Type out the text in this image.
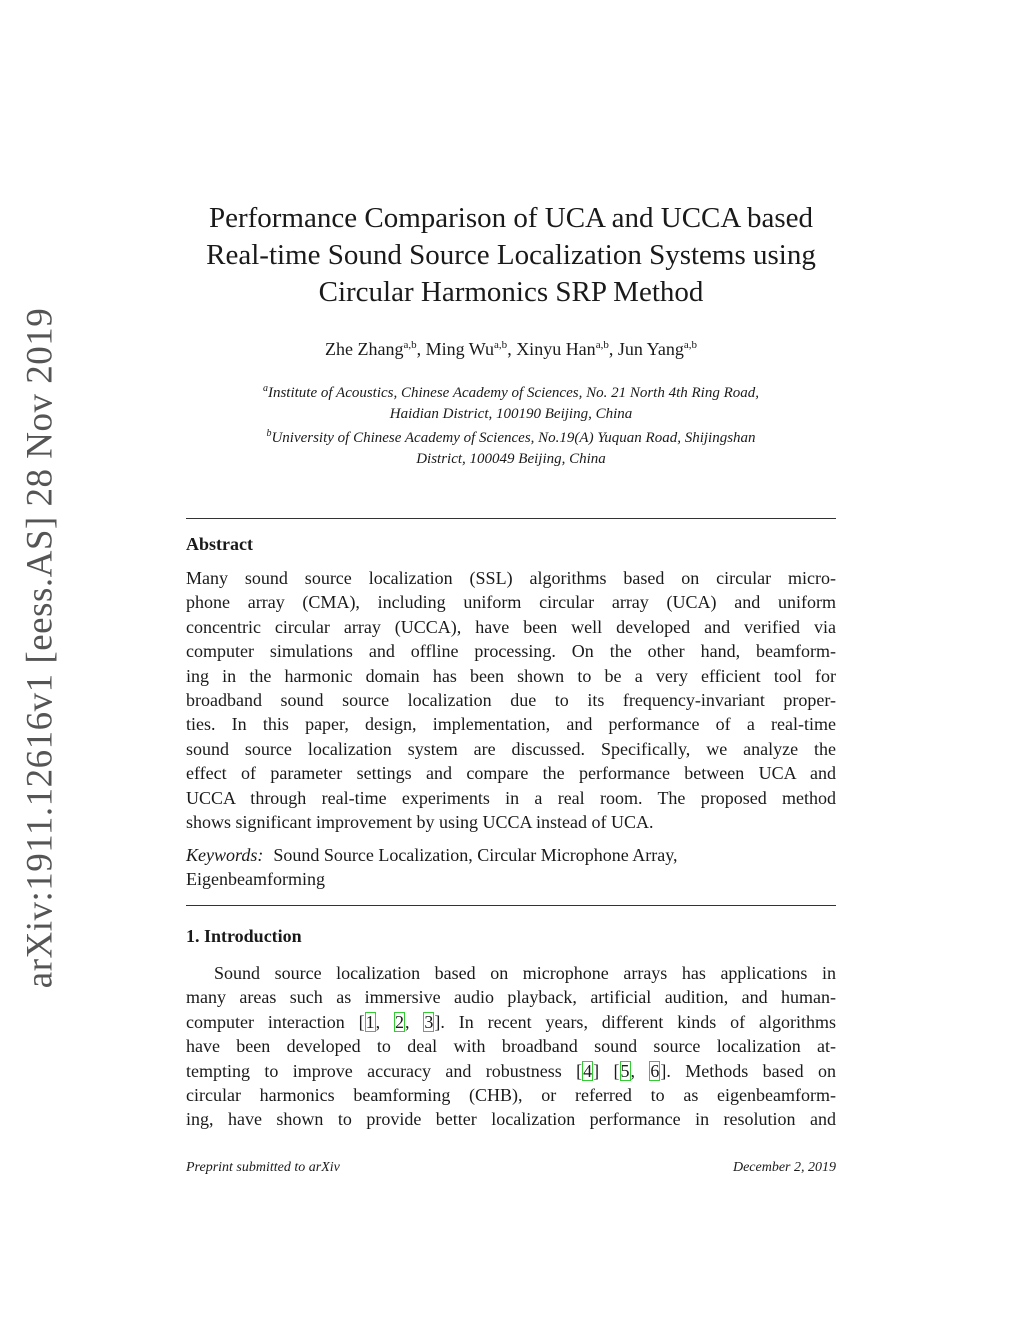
arXiv:1911.12616v1 [eess.AS] 28 Nov 2019
Performance Comparison of UCA and UCCA based
Real-time Sound Source Localization Systems using
Circular Harmonics SRP Method
Zhe Zhang$^{a,b}$, Ming Wu$^{a,b}$, Xinyu Han$^{a,b}$, Jun Yang$^{a,b}$
$^a$Institute of Acoustics, Chinese Academy of Sciences, No. 21 North 4th Ring Road,
Haidian District, 100190 Beijing, China
$^b$University of Chinese Academy of Sciences, No.19(A) Yuquan Road, Shijingshan
District, 100049 Beijing, China
Abstract
Many sound source localization (SSL) algorithms based on circular micro-
phone array (CMA), including uniform circular array (UCA) and uniform
concentric circular array (UCCA), have been well developed and verified via
computer simulations and offline processing. On the other hand, beamform-
ing in the harmonic domain has been shown to be a very efficient tool for
broadband sound source localization due to its frequency-invariant proper-
ties. In this paper, design, implementation, and performance of a real-time
sound source localization system are discussed. Specifically, we analyze the
effect of parameter settings and compare the performance between UCA and
UCCA through real-time experiments in a real room. The proposed method
shows significant improvement by using UCCA instead of UCA.
Keywords: Sound Source Localization, Circular Microphone Array,
Eigenbeamforming
1. Introduction
Sound source localization based on microphone arrays has applications in
many areas such as immersive audio playback, artificial audition, and human-
computer interaction [1, 2, 3]. In recent years, different kinds of algorithms
have been developed to deal with broadband sound source localization at-
tempting to improve accuracy and robustness [4] [5, 6]. Methods based on
circular harmonics beamforming (CHB), or referred to as eigenbeamform-
ing, have shown to provide better localization performance in resolution and
Preprint submitted to arXiv	December 2, 2019
